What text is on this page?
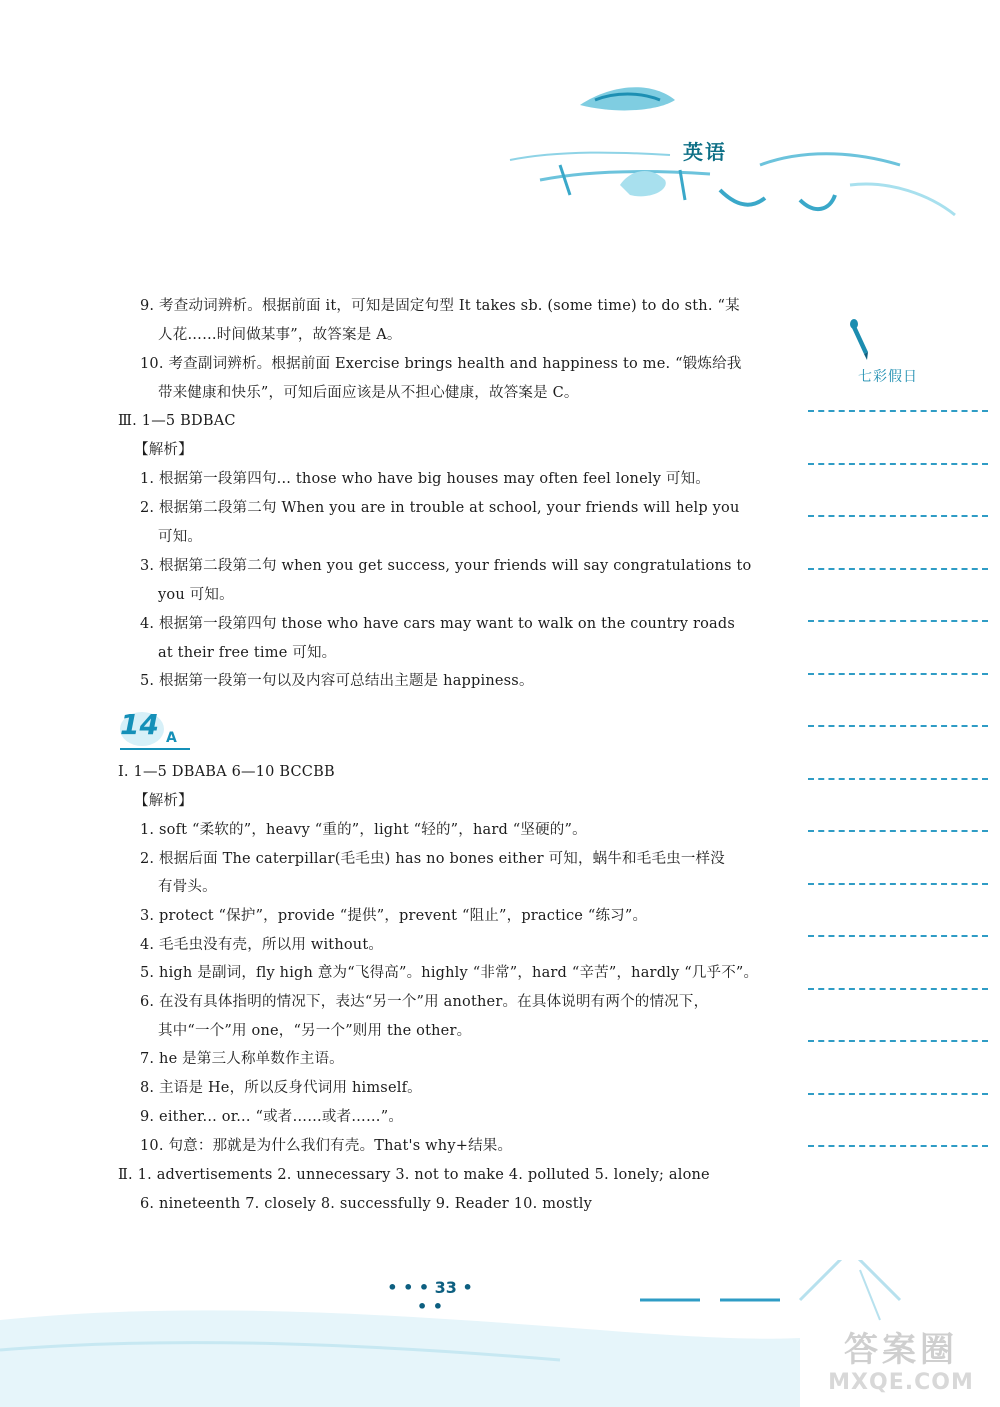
英语
七彩假日
14 A
9. 考查动词辨析。根据前面 it，可知是固定句型 It takes sb. (some time) to do sth. “某
人花……时间做某事”，故答案是 A。
10. 考查副词辨析。根据前面 Exercise brings health and happiness to me. “锻炼给我
带来健康和快乐”，可知后面应该是从不担心健康，故答案是 C。
Ⅲ. 1—5 BDBAC
【解析】
1. 根据第一段第四句... those who have big houses may often feel lonely 可知。
2. 根据第二段第二句 When you are in trouble at school, your friends will help you
可知。
3. 根据第二段第二句 when you get success, your friends will say congratulations to
you 可知。
4. 根据第一段第四句 those who have cars may want to walk on the country roads
at their free time 可知。
5. 根据第一段第一句以及内容可总结出主题是 happiness。
Ⅰ. 1—5 DBABA 6—10 BCCBB
【解析】
1. soft “柔软的”，heavy “重的”，light “轻的”，hard “坚硬的”。
2. 根据后面 The caterpillar(毛毛虫) has no bones either 可知，蜗牛和毛毛虫一样没
有骨头。
3. protect “保护”，provide “提供”，prevent “阻止”，practice “练习”。
4. 毛毛虫没有壳，所以用 without。
5. high 是副词，fly high 意为“飞得高”。highly “非常”，hard “辛苦”，hardly “几乎不”。
6. 在没有具体指明的情况下，表达“另一个”用 another。在具体说明有两个的情况下，
其中“一个”用 one，“另一个”则用 the other。
7. he 是第三人称单数作主语。
8. 主语是 He，所以反身代词用 himself。
9. either... or... “或者……或者……”。
10. 句意：那就是为什么我们有壳。That's why+结果。
Ⅱ. 1. advertisements 2. unnecessary 3. not to make 4. polluted 5. lonely; alone
6. nineteenth 7. closely 8. successfully 9. Reader 10. mostly
• • • 33 • • •
答案圈
MXQE.COM
